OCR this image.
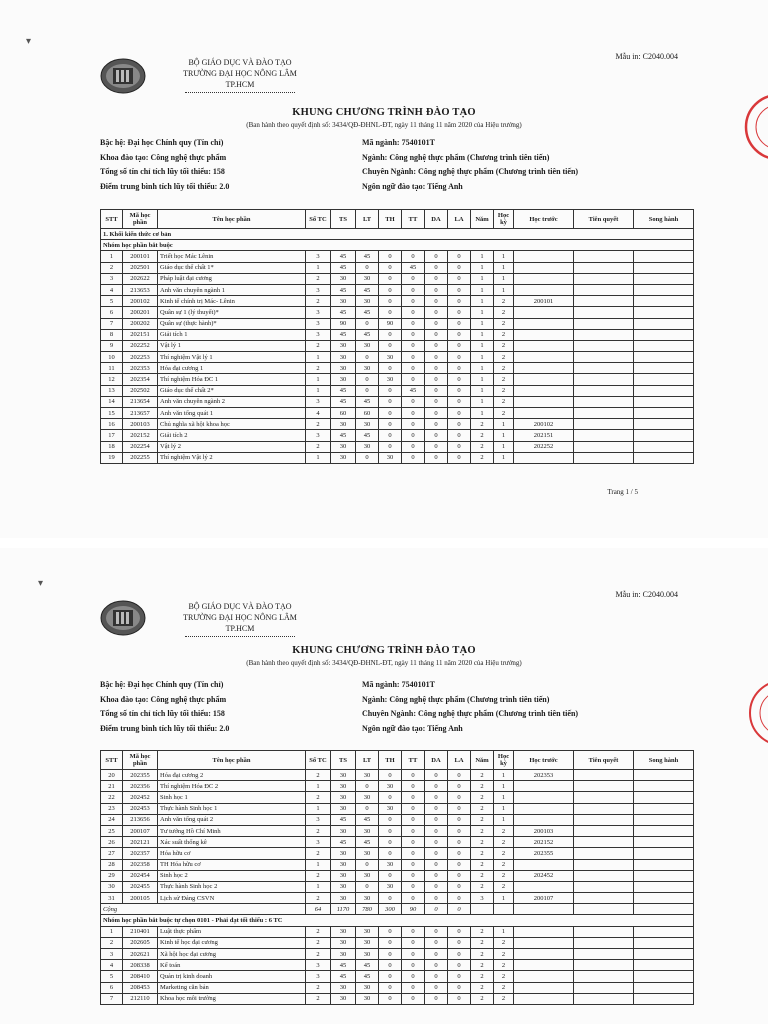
Mẫu in: C2040.004
BỘ GIÁO DỤC VÀ ĐÀO TẠO
TRƯỜNG ĐẠI HỌC NÔNG LÂM TP.HCM
KHUNG CHƯƠNG TRÌNH ĐÀO TẠO
(Ban hành theo quyết định số: 3434/QĐ-ĐHNL-ĐT, ngày 11 tháng 11 năm 2020 của Hiệu trưởng)
Bậc hệ: Đại học Chính quy (Tín chỉ)
Khoa đào tạo: Công nghệ thực phẩm
Tổng số tín chỉ tích lũy tối thiểu: 158
Điểm trung bình tích lũy tối thiểu: 2.0
Mã ngành: 7540101T
Ngành: Công nghệ thực phẩm (Chương trình tiên tiến)
Chuyên Ngành: Công nghệ thực phẩm (Chương trình tiên tiến)
Ngôn ngữ đào tạo: Tiếng Anh
STT	Mã học phần	Tên học phần	Số TC	TS	LT	TH	TT	DA	LA	Năm	Học kỳ	Học trước	Tiên quyết	Song hành
1. Khối kiến thức cơ bản														
Nhóm học phần bắt buộc														
1	200101	Triết học Mác Lênin	3	45	45	0	0	0	0	1	1			
2	202501	Giáo dục thể chất 1*	1	45	0	0	45	0	0	1	1			
3	202622	Pháp luật đại cương	2	30	30	0	0	0	0	1	1			
4	213653	Anh văn chuyên ngành 1	3	45	45	0	0	0	0	1	1			
5	200102	Kinh tế chính trị Mác- Lênin	2	30	30	0	0	0	0	1	2	200101		
6	200201	Quân sự 1 (lý thuyết)*	3	45	45	0	0	0	0	1	2			
7	200202	Quân sự (thực hành)*	3	90	0	90	0	0	0	1	2			
8	202151	Giải tích 1	3	45	45	0	0	0	0	1	2			
9	202252	Vật lý 1	2	30	30	0	0	0	0	1	2			
10	202253	Thí nghiệm Vật lý 1	1	30	0	30	0	0	0	1	2			
11	202353	Hóa đại cương 1	2	30	30	0	0	0	0	1	2			
12	202354	Thí nghiệm Hóa ĐC 1	1	30	0	30	0	0	0	1	2			
13	202502	Giáo dục thể chất 2*	1	45	0	0	45	0	0	1	2			
14	213654	Anh văn chuyên ngành 2	3	45	45	0	0	0	0	1	2			
15	213657	Anh văn tổng quát 1	4	60	60	0	0	0	0	1	2			
16	200103	Chủ nghĩa xã hội khoa học	2	30	30	0	0	0	0	2	1	200102		
17	202152	Giải tích 2	3	45	45	0	0	0	0	2	1	202151		
18	202254	Vật lý 2	2	30	30	0	0	0	0	2	1	202252		
19	202255	Thí nghiệm Vật lý 2	1	30	0	30	0	0	0	2	1			
Trang 1 / 5
▾
Mẫu in: C2040.004
BỘ GIÁO DỤC VÀ ĐÀO TẠO
TRƯỜNG ĐẠI HỌC NÔNG LÂM TP.HCM
KHUNG CHƯƠNG TRÌNH ĐÀO TẠO
(Ban hành theo quyết định số: 3434/QĐ-ĐHNL-ĐT, ngày 11 tháng 11 năm 2020 của Hiệu trưởng)
Bậc hệ: Đại học Chính quy (Tín chỉ)
Khoa đào tạo: Công nghệ thực phẩm
Tổng số tín chỉ tích lũy tối thiểu: 158
Điểm trung bình tích lũy tối thiểu: 2.0
Mã ngành: 7540101T
Ngành: Công nghệ thực phẩm (Chương trình tiên tiến)
Chuyên Ngành: Công nghệ thực phẩm (Chương trình tiên tiến)
Ngôn ngữ đào tạo: Tiếng Anh
STT	Mã học phần	Tên học phần	Số TC	TS	LT	TH	TT	DA	LA	Năm	Học kỳ	Học trước	Tiên quyết	Song hành
20	202355	Hóa đại cương 2	2	30	30	0	0	0	0	2	1	202353		
21	202356	Thí nghiệm Hóa ĐC 2	1	30	0	30	0	0	0	2	1			
22	202452	Sinh học 1	2	30	30	0	0	0	0	2	1			
23	202453	Thực hành Sinh học 1	1	30	0	30	0	0	0	2	1			
24	213656	Anh văn tổng quát 2	3	45	45	0	0	0	0	2	1			
25	200107	Tư tưởng Hồ Chí Minh	2	30	30	0	0	0	0	2	2	200103		
26	202121	Xác suất thống kê	3	45	45	0	0	0	0	2	2	202152		
27	202357	Hóa hữu cơ	2	30	30	0	0	0	0	2	2	202355		
28	202358	TH Hóa hữu cơ	1	30	0	30	0	0	0	2	2			
29	202454	Sinh học 2	2	30	30	0	0	0	0	2	2	202452		
30	202455	Thực hành Sinh học 2	1	30	0	30	0	0	0	2	2			
31	200105	Lịch sử Đảng CSVN	2	30	30	0	0	0	0	3	1	200107		
Cộng			64	1170	780	300	90	0	0					
Nhóm học phần bắt buộc tự chọn 0101 - Phải đạt tối thiểu : 6 TC														
1	210401	Luật thực phẩm	2	30	30	0	0	0	0	2	1			
2	202605	Kinh tế học đại cương	2	30	30	0	0	0	0	2	2			
3	202621	Xã hội học đại cương	2	30	30	0	0	0	0	2	2			
4	208338	Kế toán	3	45	45	0	0	0	0	2	2			
5	208410	Quản trị kinh doanh	3	45	45	0	0	0	0	2	2			
6	208453	Marketing căn bản	2	30	30	0	0	0	0	2	2			
7	212110	Khoa học môi trường	2	30	30	0	0	0	0	2	2			
▾
